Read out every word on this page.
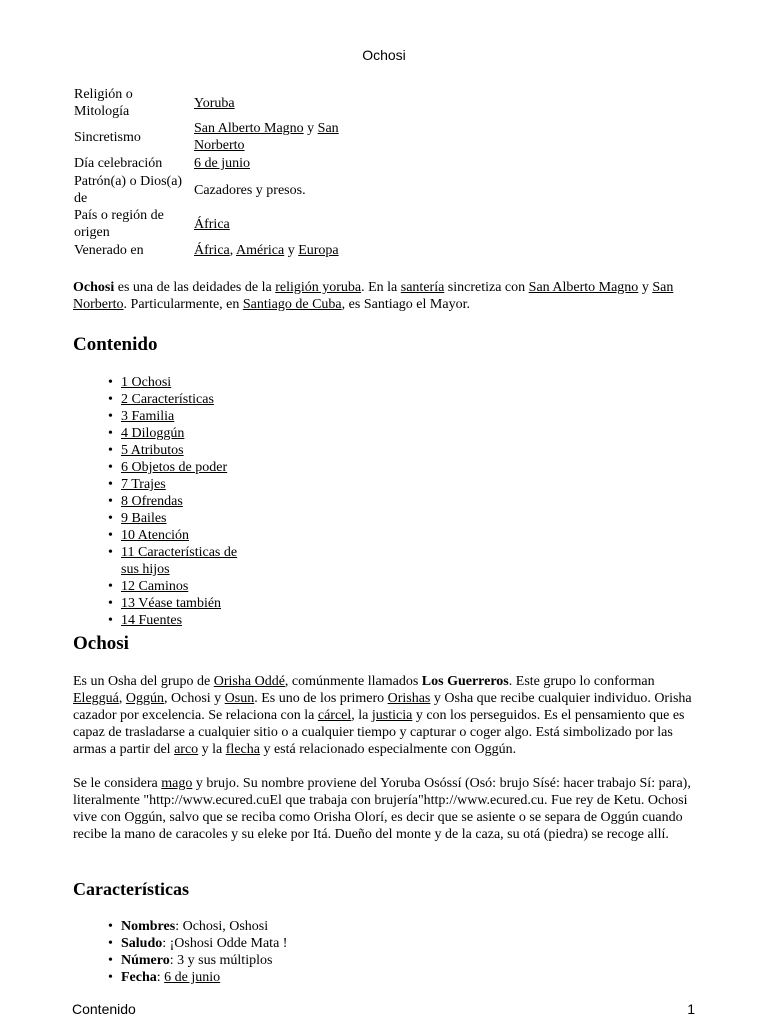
Ochosi
Religión o Mitología	Yoruba
Sincretismo	San Alberto Magno y San Norberto
Día celebración	6 de junio
Patrón(a) o Dios(a) de	Cazadores y presos.
País o región de origen	África
Venerado en	África, América y Europa

Ochosi es una de las deidades de la religión yoruba. En la santería sincretiza con San Alberto Magno y San Norberto. Particularmente, en Santiago de Cuba, es Santiago el Mayor.

Contenido
• 1 Ochosi
• 2 Características
• 3 Familia
• 4 Diloggún
• 5 Atributos
• 6 Objetos de poder
• 7 Trajes
• 8 Ofrendas
• 9 Bailes
• 10 Atención
• 11 Características de sus hijos
• 12 Caminos
• 13 Véase también
• 14 Fuentes
Ochosi

Es un Osha del grupo de Orisha Oddé, comúnmente llamados Los Guerreros. Este grupo lo conforman Elegguá, Oggún, Ochosi y Osun. Es uno de los primero Orishas y Osha que recibe cualquier individuo. Orisha cazador por excelencia. Se relaciona con la cárcel, la justicia y con los perseguidos. Es el pensamiento que es capaz de trasladarse a cualquier sitio o a cualquier tiempo y capturar o coger algo. Está simbolizado por las armas a partir del arco y la flecha y está relacionado especialmente con Oggún.

Se le considera mago y brujo. Su nombre proviene del Yoruba Osóssí (Osó: brujo Sísé: hacer trabajo Sí: para), literalmente "http://www.ecured.cuEl que trabaja con brujería"http://www.ecured.cu. Fue rey de Ketu. Ochosi vive con Oggún, salvo que se reciba como Orisha Olorí, es decir que se asiente o se separa de Oggún cuando recibe la mano de caracoles y su eleke por Itá. Dueño del monte y de la caza, su otá (piedra) se recoge allí.

Características
• Nombres: Ochosi, Oshosi
• Saludo: ¡Oshosi Odde Mata !
• Número: 3 y sus múltiplos
• Fecha: 6 de junio
Contenido	1
